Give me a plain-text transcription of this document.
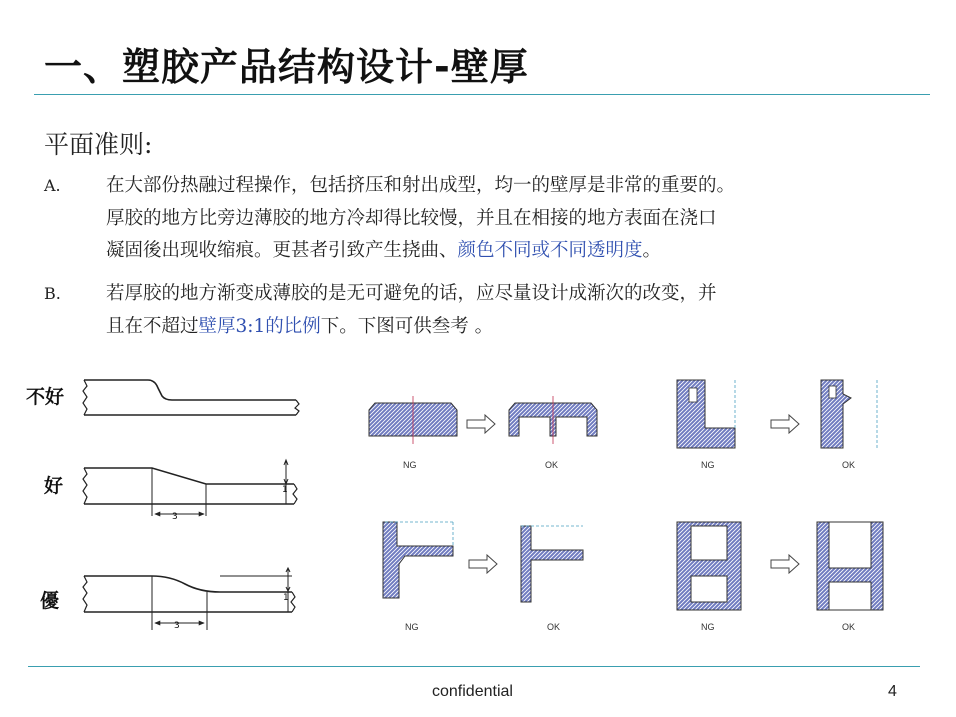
一、塑胶产品结构设计-壁厚
平面准则:
A.	在大部份热融过程操作，包括挤压和射出成型，均一的壁厚是非常的重要的。
厚胶的地方比旁边薄胶的地方冷却得比较慢，并且在相接的地方表面在浇口
凝固後出现收缩痕。更甚者引致产生挠曲、颜色不同或不同透明度。
B.	若厚胶的地方渐变成薄胶的是无可避免的话，应尽量设计成渐次的改变，并
且在不超过壁厚3:1的比例下。下图可供叁考 。
不好
好
優
3
1
3
1
NG	OK	NG	OK
NG	OK	NG	OK
confidential	4
